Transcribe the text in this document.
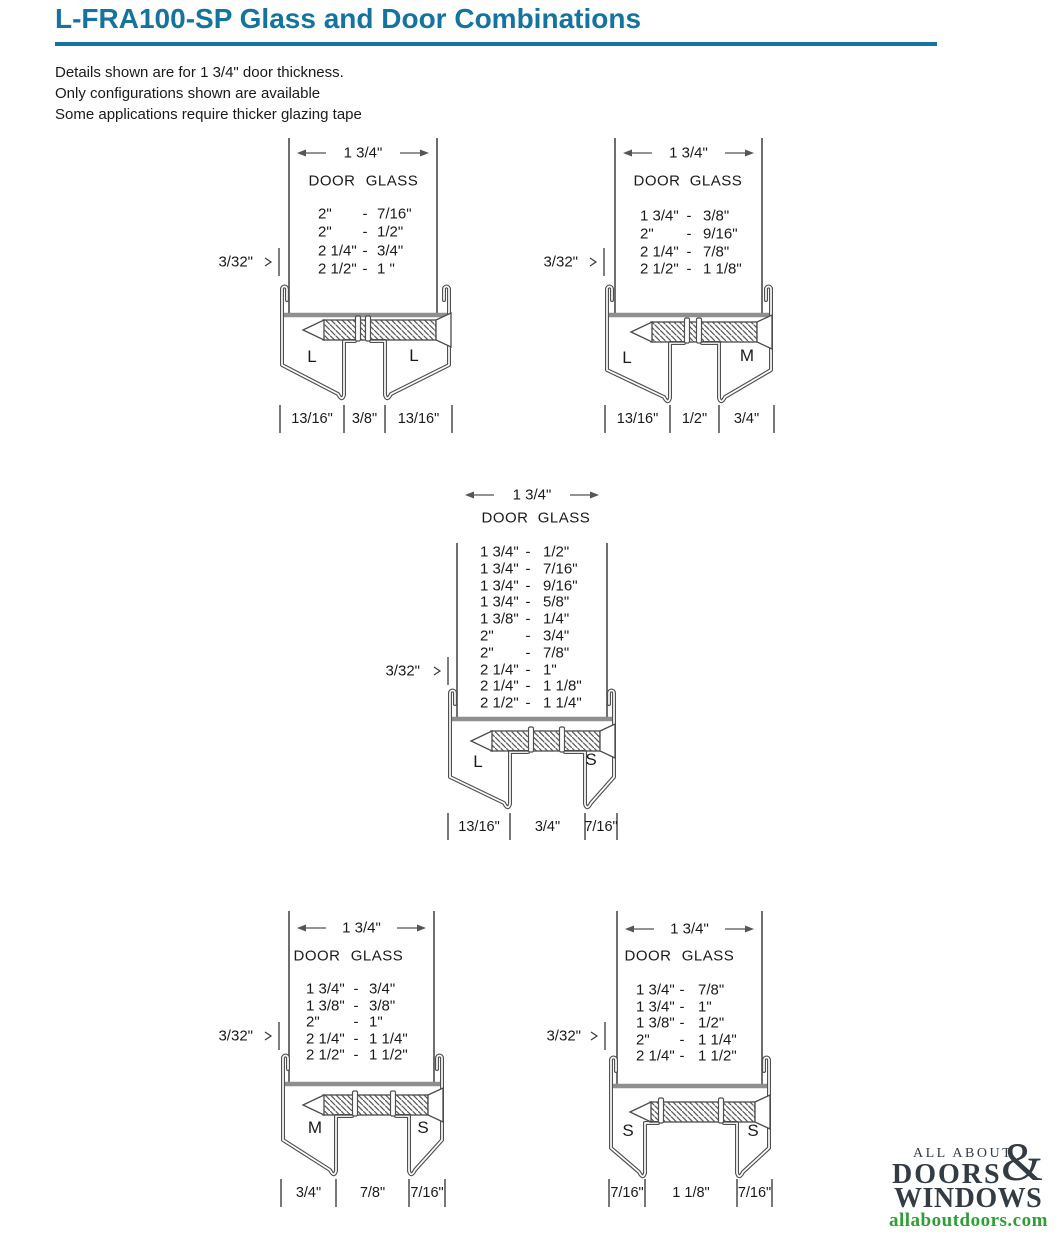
L-FRA100-SP Glass and Door Combinations
Details shown are for 1 3/4" door thickness.
Only configurations shown are available
Some applications require thicker glazing tape
1 3/4"
DOOR GLASS
2" - 7/16"
2" - 1/2"
2 1/4" - 3/4"
2 1/2" - 1 "
L	L
3/32"
13/16" 3/8" 13/16"
1 3/4"
DOOR GLASS
1 3/4" - 3/8"
2" - 9/16"
2 1/4" - 7/8"
2 1/2" - 1 1/8"
L	M
3/32"
13/16" 1/2" 3/4"
1 3/4"
DOOR GLASS
1 3/4" - 1/2"
1 3/4" - 7/16"
1 3/4" - 9/16"
1 3/4" - 5/8"
1 3/8" - 1/4"
2" - 3/4"
2" - 7/8"
2 1/4" - 1"
2 1/4" - 1 1/8"
2 1/2" - 1 1/4"
L	S
3/32"
13/16" 3/4" 7/16"
1 3/4"
DOOR GLASS
1 3/4" - 3/4"
1 3/8" - 3/8"
2" - 1"
2 1/4" - 1 1/4"
2 1/2" - 1 1/2"
M	S
3/32"
3/4"	7/8" 7/16"
1 3/4"
DOOR GLASS
1 3/4" - 7/8"
1 3/4" - 1"
1 3/8" - 1/2"
2" - 1 1/4"
2 1/4" - 1 1/2"
S	S
3/32"
7/16" 1 1/8" 7/16"
ALL ABOUT
&
DOORS
WINDOWS
allaboutdoors.com
